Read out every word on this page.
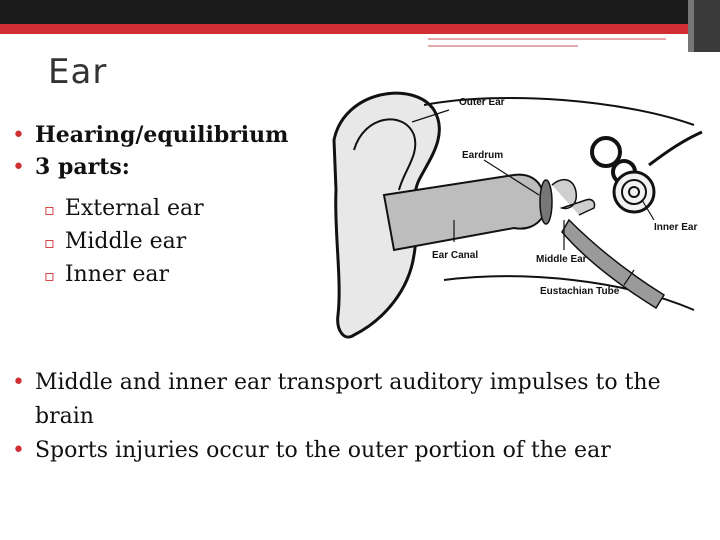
Ear
Outer Ear
Eardrum
Inner Ear
Ear Canal	Middle Ear
Eustachian Tube
• Hearing/equilibrium
• 3 parts:
▫ External ear
▫ Middle ear
▫ Inner ear
• Middle and inner ear transport auditory impulses to the brain
• Sports injuries occur to the outer portion of the ear
